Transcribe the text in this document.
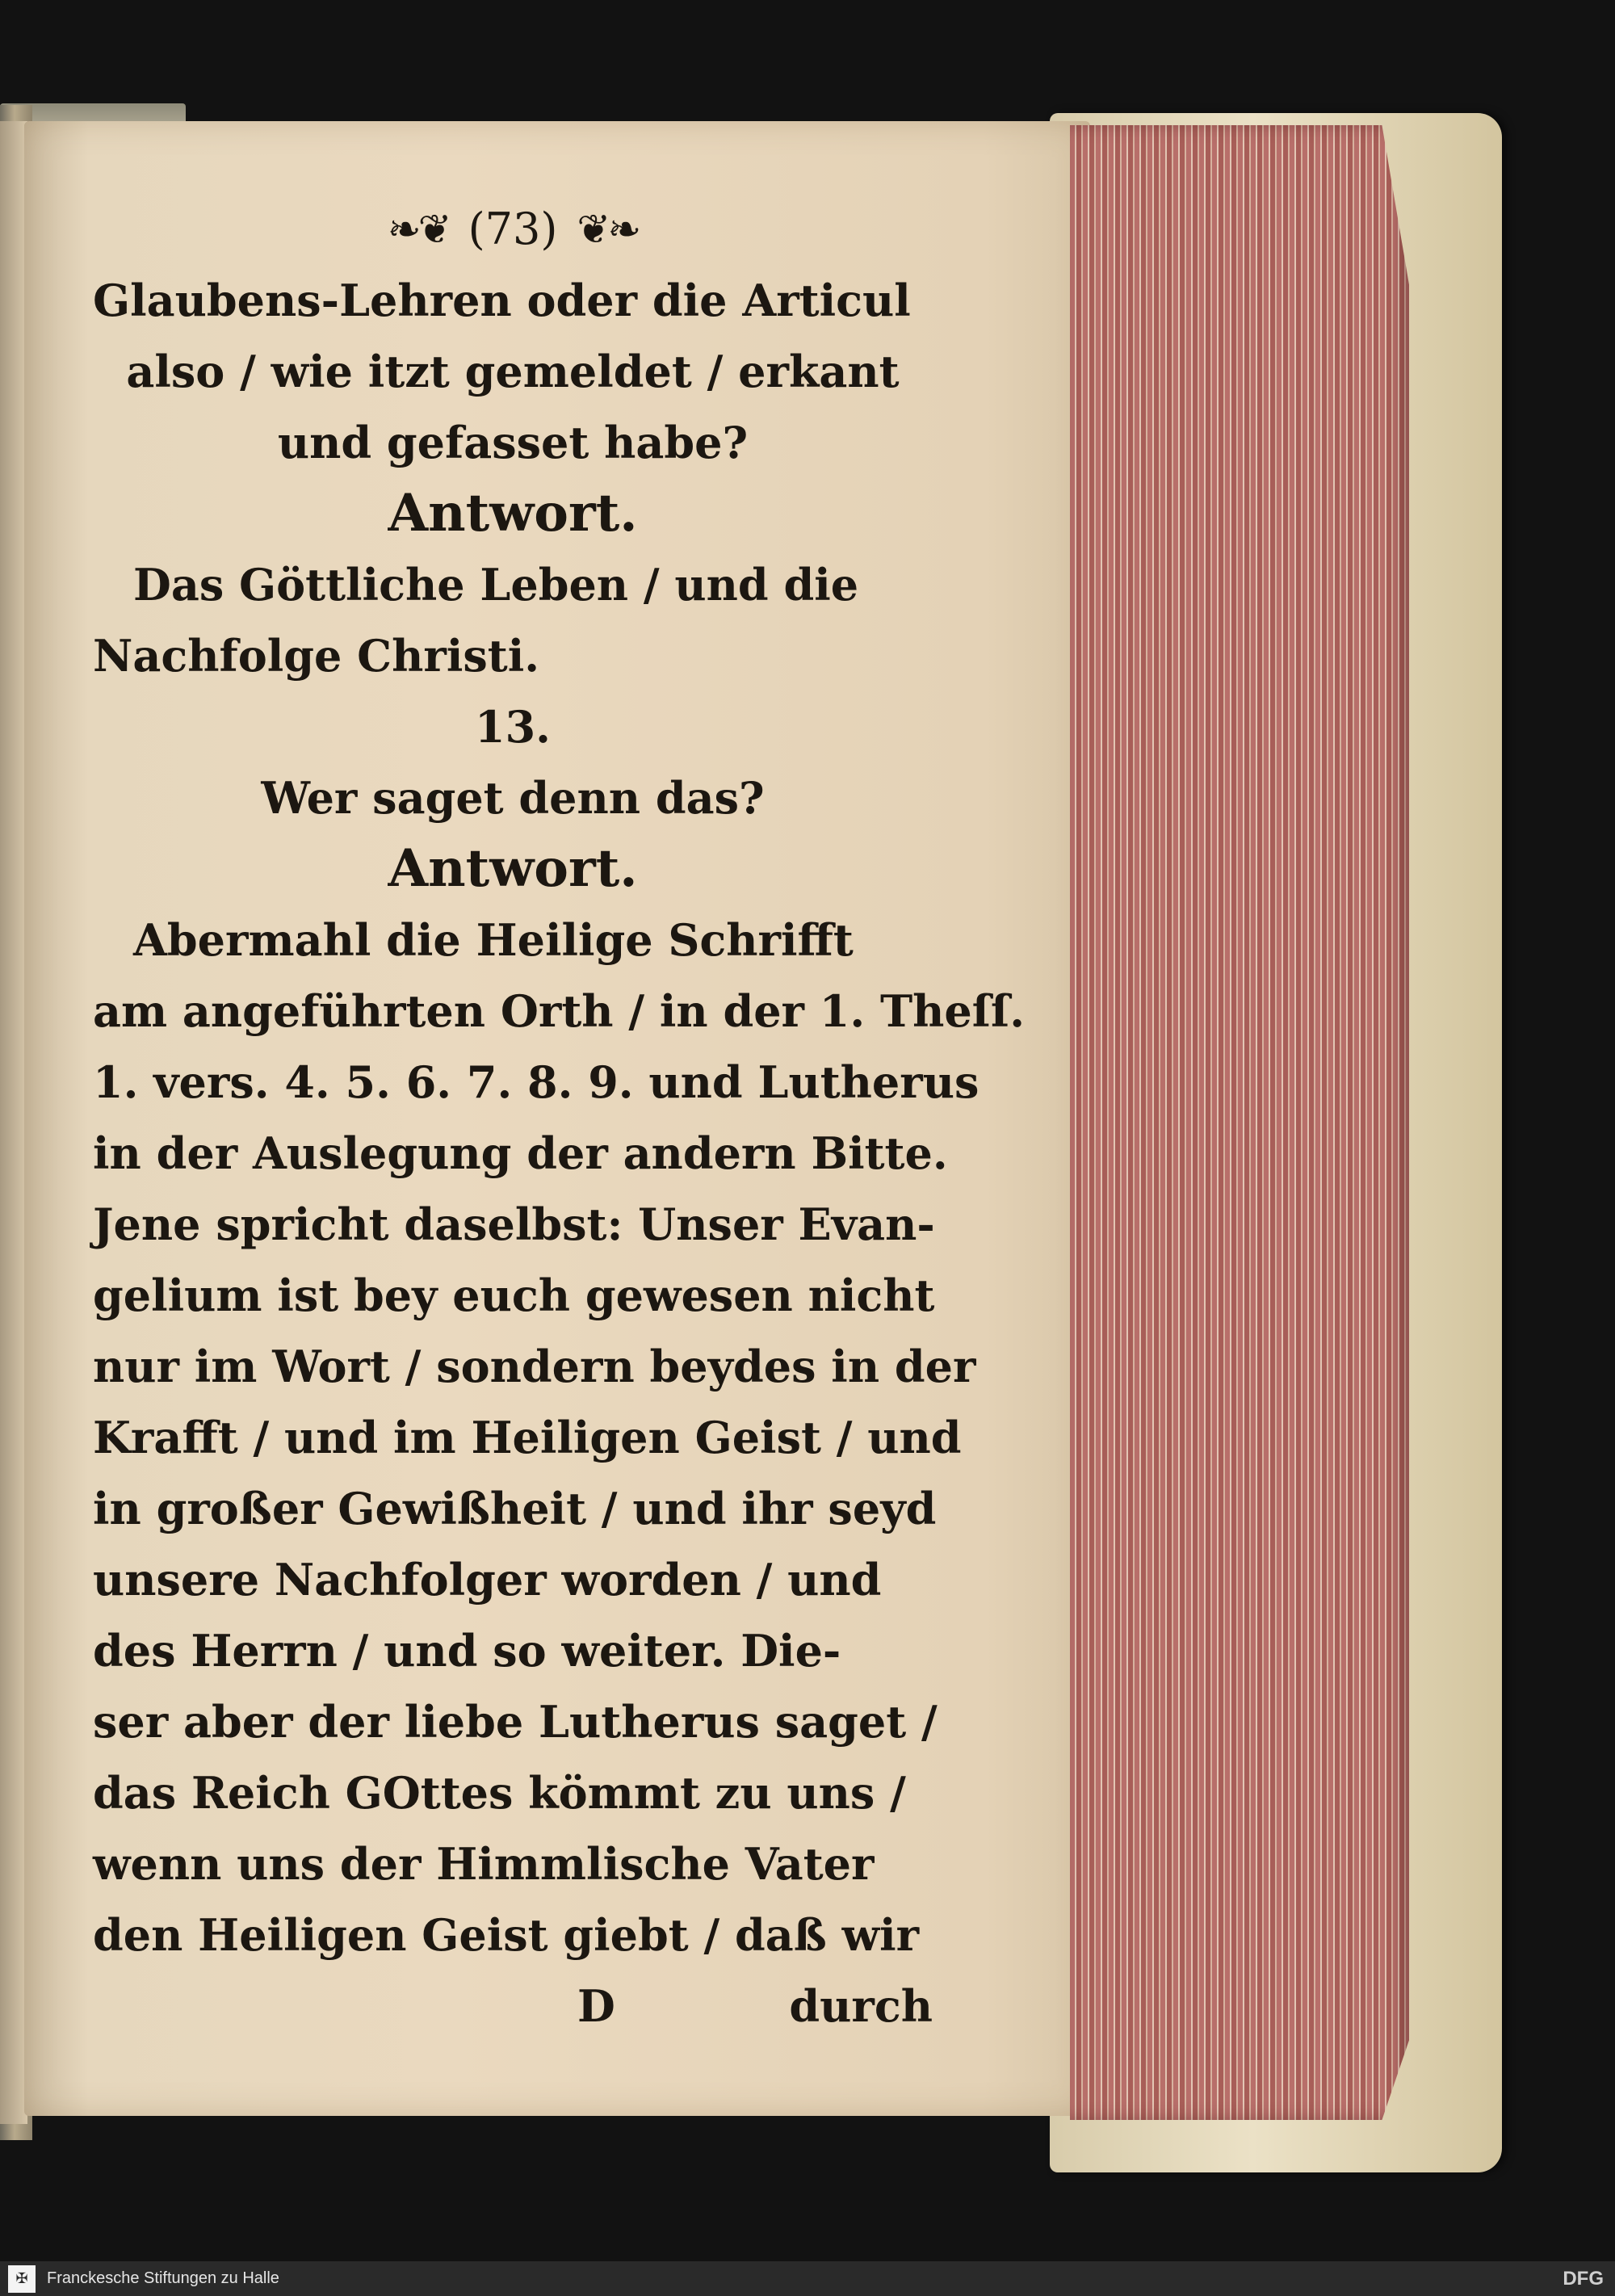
❧❦ (73) ❦❧
Glaubens-Lehren oder die Articul
also / wie itzt gemeldet / erkant
und gefasset habe?
Antwort.
Das Göttliche Leben / und die
Nachfolge Christi.
13.
Wer saget denn das?
Antwort.
Abermahl die Heilige Schrifft
am angeführten Orth / in der 1. Theſſ.
1. vers. 4. 5. 6. 7. 8. 9. und Lutherus
in der Auslegung der andern Bitte.
Jene spricht daselbst: Unser Evan-
gelium ist bey euch gewesen nicht
nur im Wort / sondern beydes in der
Krafft / und im Heiligen Geist / und
in großer Gewißheit / und ihr seyd
unsere Nachfolger worden / und
des Herrn / und so weiter. Die-
ser aber der liebe Lutherus saget /
das Reich GOttes kömmt zu uns /
wenn uns der Himmlische Vater
den Heiligen Geist giebt / daß wir
D	durch
✠	Franckesche Stiftungen zu Halle	DFG
